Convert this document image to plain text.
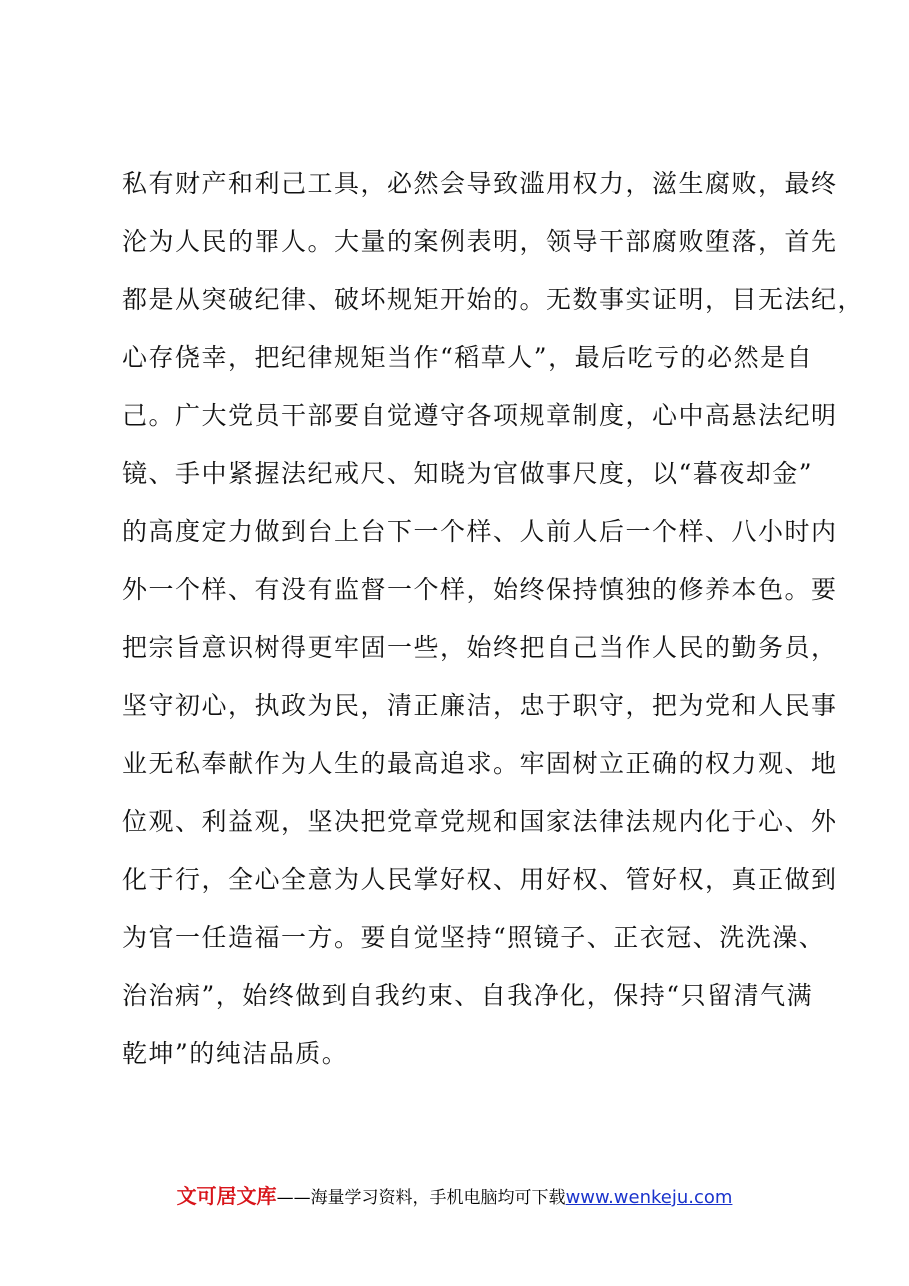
私有财产和利己工具，必然会导致滥用权力，滋生腐败，最终
沦为人民的罪人。大量的案例表明，领导干部腐败堕落，首先
都是从突破纪律、破坏规矩开始的。无数事实证明，目无法纪，
心存侥幸，把纪律规矩当作“稻草人”，最后吃亏的必然是自
己。广大党员干部要自觉遵守各项规章制度，心中高悬法纪明
镜、手中紧握法纪戒尺、知晓为官做事尺度，以“暮夜却金”
的高度定力做到台上台下一个样、人前人后一个样、八小时内
外一个样、有没有监督一个样，始终保持慎独的修养本色。要
把宗旨意识树得更牢固一些，始终把自己当作人民的勤务员，
坚守初心，执政为民，清正廉洁，忠于职守，把为党和人民事
业无私奉献作为人生的最高追求。牢固树立正确的权力观、地
位观、利益观，坚决把党章党规和国家法律法规内化于心、外
化于行，全心全意为人民掌好权、用好权、管好权，真正做到
为官一任造福一方。要自觉坚持“照镜子、正衣冠、洗洗澡、
治治病”，始终做到自我约束、自我净化，保持“只留清气满
乾坤”的纯洁品质。
文可居文库——海量学习资料，手机电脑均可下载www.wenkeju.com
